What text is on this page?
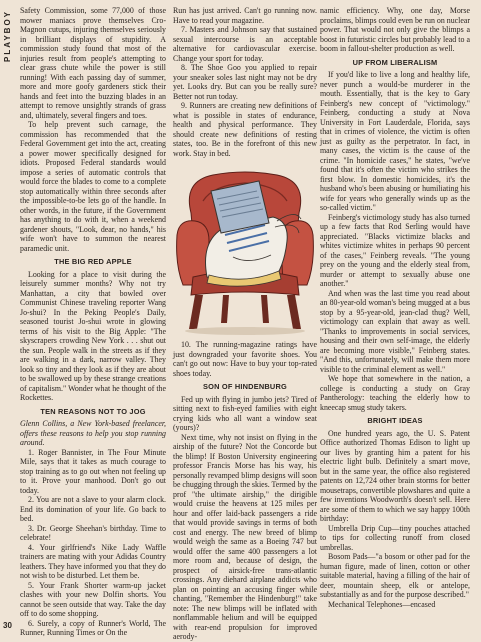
PLAYBOY
30

Safety Commission, some 77,000 of those mower maniacs prove themselves Cro-Magnon cutups, injuring themselves seriously in brilliant displays of stupidity. A commission study found that most of the injuries result from people's attempting to clear grass chute while the power is still running! With each passing day of summer, more and more goofy gardeners stick their hands and feet into the buzzing blades in an attempt to remove unsightly strands of grass and, ultimately, several fingers and toes.

To help prevent such carnage, the commission has recommended that the Federal Government get into the act, creating a power mower specifically designed for idiots. Proposed Federal standards would impose a series of automatic controls that would force the blades to come to a complete stop automatically within three seconds after the impossible-to-be lets go of the handle. In other words, in the future, if the Government has anything to do with it, when a weekend gardener shouts, "Look, dear, no hands," his wife won't have to summon the nearest paramedic unit.

THE BIG RED APPLE

Looking for a place to visit during the leisurely summer months? Why not try Manhattan, a city that bowled over Communist Chinese traveling reporter Wang Jo-shui? In the Peking People's Daily, seasoned tourist Jo-shui wrote in glowing terms of his visit to the Big Apple: "The skyscrapers crowding New York . . . shut out the sun. People walk in the streets as if they are walking in a dark, narrow valley. They look so tiny and they look as if they are about to be swallowed up by these strange creations of capitalism." Wonder what he thought of the Rockettes.

TEN REASONS NOT TO JOG

Glenn Collins, a New York-based freelancer, offers these reasons to help you stop running around.

1. Roger Bannister, in The Four Minute Mile, says that it takes as much courage to stop training as to go out when not feeling up to it. Prove your manhood. Don't go out today.

2. You are not a slave to your alarm clock. End its domination of your life. Go back to bed.

3. Dr. George Sheehan's birthday. Time to celebrate!

4. Your girlfriend's Nike Lady Waffle trainers are mating with your Adidas Country leathers. They have informed you that they do not wish to be disturbed. Let them be.

5. Your Frank Shorter warm-up jacket clashes with your new Dolfin shorts. You cannot be seen outside that way. Take the day off to do some shopping.

6. Surely, a copy of Runner's World, The Runner, Running Times or On the

Run has just arrived. Can't go running now. Have to read your magazine.

7. Masters and Johnson say that sustained sexual intercourse is an acceptable alternative for cardiovascular exercise. Change your sport for today.

8. The Shoe Goo you applied to repair your sneaker soles last night may not be dry yet. Looks dry. But can you be really sure? Better not run today.

9. Runners are creating new definitions of what is possible in states of endurance, health and physical performance. They should create new definitions of resting states, too. Be in the forefront of this new work. Stay in bed.

10. The running-magazine ratings have just downgraded your favorite shoes. You can't go out now: Have to buy your top-rated shoes today.

SON OF HINDENBURG

Fed up with flying in jumbo jets? Tired of sitting next to fish-eyed families with eight crying kids who all want a window seat (yours)?

Next time, why not insist on flying in the airship of the future? Not the Concorde but the blimp! If Boston University engineering professor Francis Morse has his way, his personally revamped blimp designs will soon be chugging through the skies. Termed by the prof "the ultimate airship," the dirigible would cruise the heavens at 125 miles per hour and offer laid-back passengers a ride that would provide savings in terms of both cost and energy. The new breed of blimp would weigh the same as a Boeing 747 but would offer the same 400 passengers a lot more room and, because of design, the prospect of airsick-free trans-atlantic crossings. Any diehard airplane addicts who plan on pointing an accusing finger while chanting, "Remember the Hindenburg!" take note: The new blimps will be inflated with nonflammable helium and will be equipped with rear-end propulsion for improved aerody-

namic efficiency. Why, one day, Morse proclaims, blimps could even be run on nuclear power. That would not only give the blimps a boost in futuristic circles but probably lead to a boom in fallout-shelter production as well.

UP FROM LIBERALISM

If you'd like to live a long and healthy life, never punch a would-be murderer in the mouth. Essentially, that is the key to Gary Feinberg's new concept of "victimology." Feinberg, conducting a study at Nova University in Fort Lauderdale, Florida, says that in crimes of violence, the victim is often just as guilty as the perpetrator. In fact, in many cases, the victim is the cause of the crime. "In homicide cases," he states, "we've found that it's often the victim who strikes the first blow. In domestic homicides, it's the husband who's been abusing or humiliating his wife for years who generally winds up as the so-called victim."

Feinberg's victimology study has also turned up a few facts that Rod Serling would have appreciated. "Blacks victimize blacks and whites victimize whites in perhaps 90 percent of the cases," Feinberg reveals. "The young prey on the young and the elderly steal from, murder or attempt to sexually abuse one another."

And when was the last time you read about an 80-year-old woman's being mugged at a bus stop by a 95-year-old, jean-clad thug? Well, victimology can explain that away as well. "Thanks to improvements in social services, housing and their own self-image, the elderly are becoming more visible," Feinberg states. "And this, unfortunately, will make them more visible to the criminal element as well."

We hope that somewhere in the nation, a college is conducting a study on Gray Pantherology: teaching the elderly how to kneecap smug study takers.

BRIGHT IDEAS

One hundred years ago, the U. S. Patent Office authorized Thomas Edison to light up our lives by granting him a patent for his electric light bulb. Definitely a smart move, but in the same year, the office also registered patents on 12,724 other brain storms for better mousetraps, convertible plowshares and quite a few inventions Woodworth's doesn't sell. Here are some of them to which we say happy 100th birthday:

Umbrella Drip Cup—tiny pouches attached to tips for collecting runoff from closed umbrellas.

Bosom Pads—"a bosom or other pad for the human figure, made of linen, cotton or other suitable material, having a filling of the hair of deer, mountain sheep, elk or antelope, substantially as and for the purpose described."

Mechanical Telephones—encased
